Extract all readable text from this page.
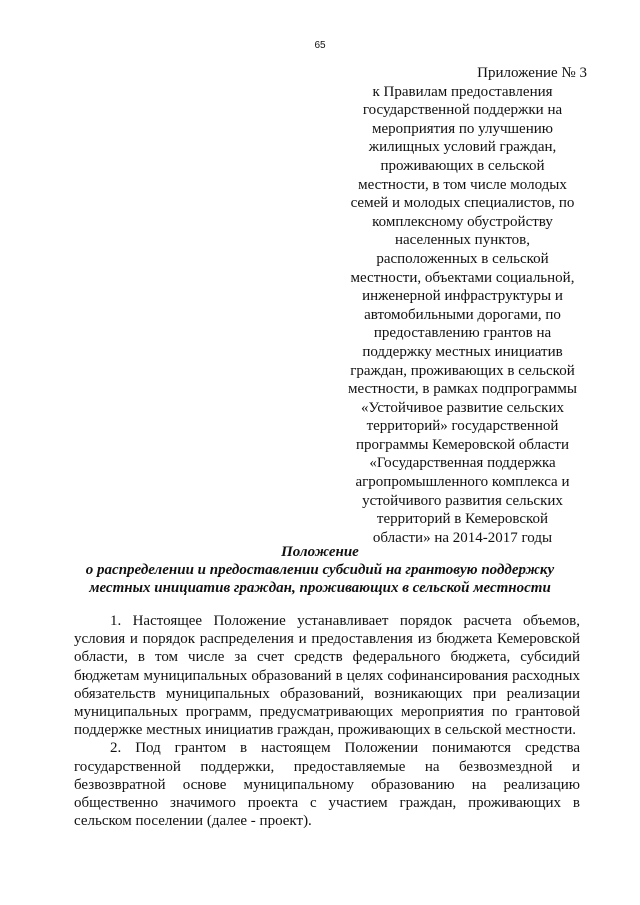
65
Приложение № 3
к Правилам предоставления
государственной поддержки на
мероприятия по улучшению
жилищных условий граждан,
проживающих в сельской
местности, в том числе молодых
семей и молодых специалистов, по
комплексному обустройству
населенных пунктов,
расположенных в сельской
местности, объектами социальной,
инженерной инфраструктуры и
автомобильными дорогами, по
предоставлению грантов на
поддержку местных инициатив
граждан, проживающих в сельской
местности, в рамках подпрограммы
«Устойчивое развитие сельских
территорий» государственной
программы Кемеровской области
«Государственная поддержка
агропромышленного комплекса и
устойчивого развития сельских
территорий в Кемеровской
области» на 2014-2017 годы
Положение
о распределении и предоставлении субсидий на грантовую поддержку
местных инициатив граждан, проживающих в сельской местности

1. Настоящее Положение устанавливает порядок расчета объемов, условия и порядок распределения и предоставления из бюджета Кемеровской области, в том числе за счет средств федерального бюджета, субсидий бюджетам муниципальных образований в целях софинансирования расходных обязательств муниципальных образований, возникающих при реализации муниципальных программ, предусматривающих мероприятия по грантовой поддержке местных инициатив граждан, проживающих в сельской местности.

2. Под грантом в настоящем Положении понимаются средства государственной поддержки, предоставляемые на безвозмездной и безвозвратной основе муниципальному образованию на реализацию общественно значимого проекта с участием граждан, проживающих в сельском поселении (далее - проект).
